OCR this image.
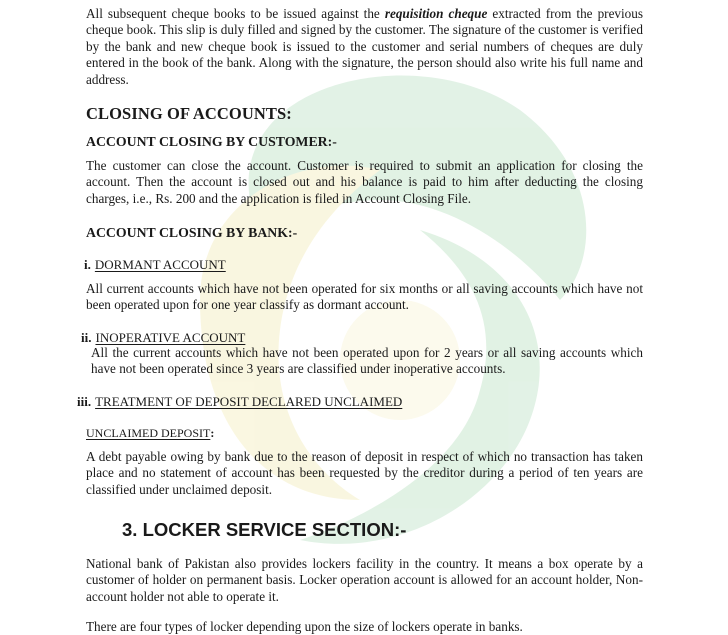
All subsequent cheque books to be issued against the requisition cheque extracted from the previous cheque book. This slip is duly filled and signed by the customer. The signature of the customer is verified by the bank and new cheque book is issued to the customer and serial numbers of cheques are duly entered in the book of the bank. Along with the signature, the person should also write his full name and address.

CLOSING OF ACCOUNTS:
ACCOUNT CLOSING BY CUSTOMER:-

The customer can close the account. Customer is required to submit an application for closing the account. Then the account is closed out and his balance is paid to him after deducting the closing charges, i.e., Rs. 200 and the application is filed in Account Closing File.

ACCOUNT CLOSING BY BANK:-
i. DORMANT ACCOUNT

All current accounts which have not been operated for six months or all saving accounts which have not been operated upon for one year classify as dormant account.

ii. INOPERATIVE ACCOUNT

All the current accounts which have not been operated upon for 2 years or all saving accounts which have not been operated since 3 years are classified under inoperative accounts.

iii. TREATMENT OF DEPOSIT DECLARED UNCLAIMED
UNCLAIMED DEPOSIT:

A debt payable owing by bank due to the reason of deposit in respect of which no transaction has taken place and no statement of account has been requested by the creditor during a period of ten years are classified under unclaimed deposit.

3. LOCKER SERVICE SECTION:-

National bank of Pakistan also provides lockers facility in the country. It means a box operate by a customer of holder on permanent basis. Locker operation account is allowed for an account holder, Non-account holder not able to operate it.

There are four types of locker depending upon the size of lockers operate in banks.
